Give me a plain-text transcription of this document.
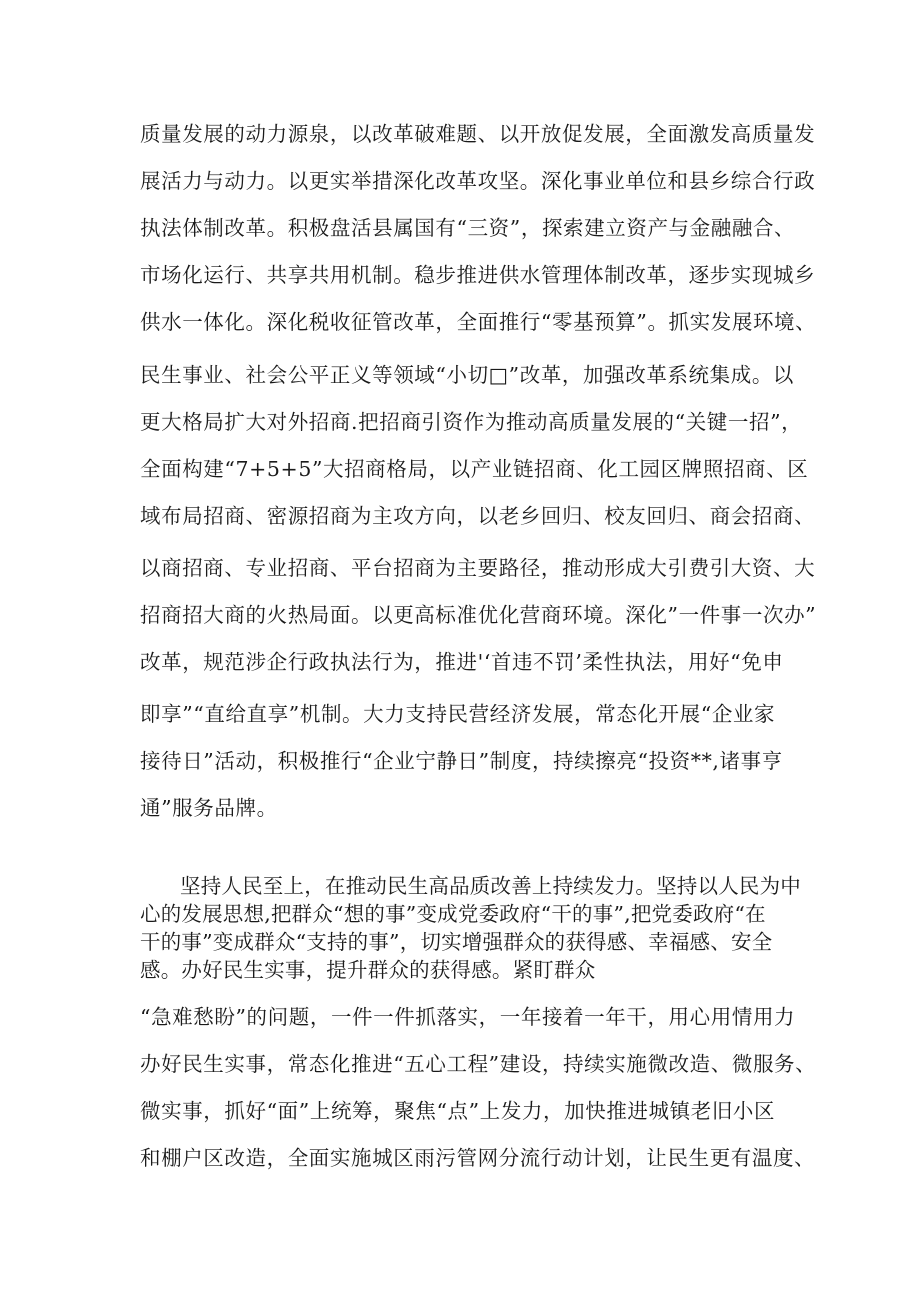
质量发展的动力源泉，以改革破难题、以开放促发展，全面激发高质量发
展活力与动力。以更实举措深化改革攻坚。深化事业单位和县乡综合行政
执法体制改革。积极盘活县属国有“三资”，探索建立资产与金融融合、
市场化运行、共享共用机制。稳步推进供水管理体制改革，逐步实现城乡
供水一体化。深化税收征管改革，全面推行“零基预算”。抓实发展环境、
民生事业、社会公平正义等领域“小切□”改革，加强改革系统集成。以
更大格局扩大对外招商.把招商引资作为推动高质量发展的“关键一招”，
全面构建“7+5+5”大招商格局，以产业链招商、化工园区牌照招商、区
域布局招商、密源招商为主攻方向，以老乡回归、校友回归、商会招商、
以商招商、专业招商、平台招商为主要路径，推动形成大引费引大资、大
招商招大商的火热局面。以更高标准优化营商环境。深化”一件事一次办”
改革，规范涉企行政执法行为，推进'‘首违不罚’柔性执法，用好“免申
即享”“直给直享”机制。大力支持民营经济发展，常态化开展“企业家
接待日”活动，积极推行“企业宁静日”制度，持续擦亮“投资**,诸事亨
通”服务品牌。
坚持人民至上，在推动民生高品质改善上持续发力。坚持以人民为中
心的发展思想,把群众“想的事”变成党委政府“干的事”,把党委政府“在
干的事”变成群众“支持的事”，切实增强群众的获得感、幸福感、安全
感。办好民生实事，提升群众的获得感。紧盯群众
“急难愁盼”的问题，一件一件抓落实，一年接着一年干，用心用情用力
办好民生实事，常态化推进“五心工程”建设，持续实施微改造、微服务、
微实事，抓好“面”上统筹，聚焦“点”上发力，加快推进城镇老旧小区
和棚户区改造，全面实施城区雨污管网分流行动计划，让民生更有温度、
